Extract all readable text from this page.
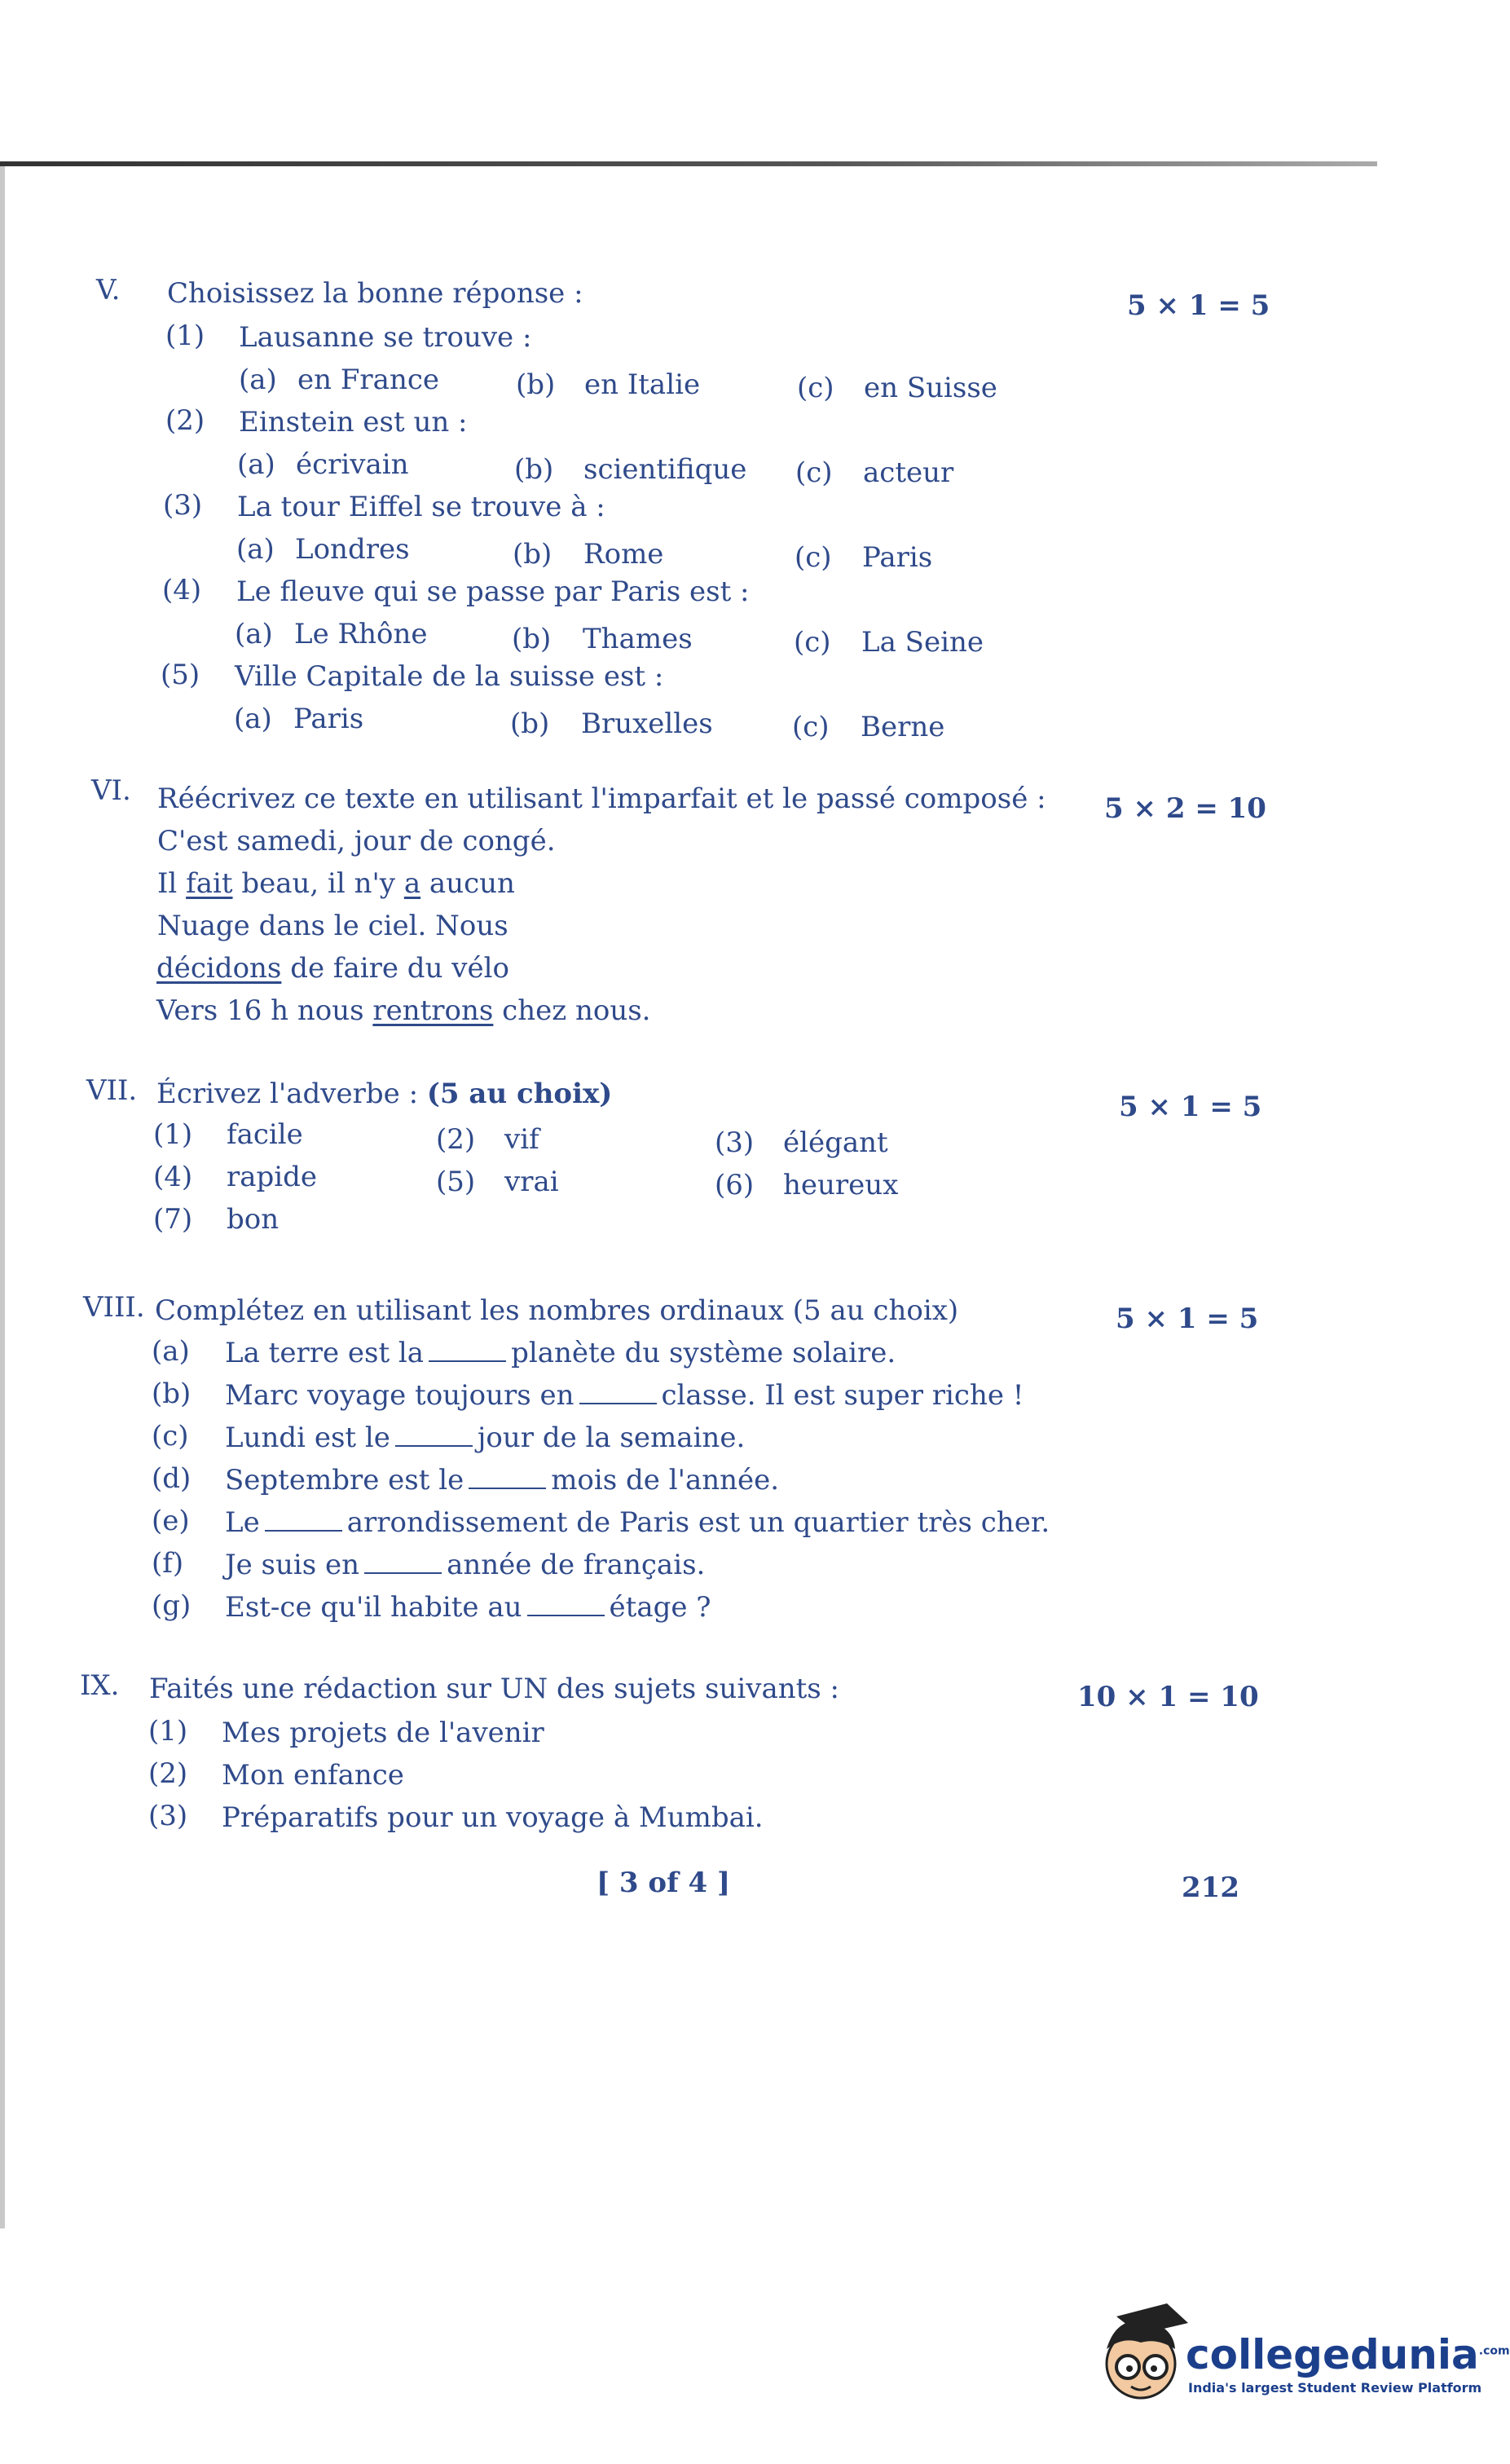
V. Choisissez la bonne réponse :	5 × 1 = 5
(1) Lausanne se trouve :
(a) en France	(b) en Italie	(c) en Suisse
(2) Einstein est un :
(a) écrivain	(b) scientifique (c) acteur
(3) La tour Eiffel se trouve à :
(a) Londres	(b) Rome	(c) Paris
(4) Le fleuve qui se passe par Paris est :
(a) Le Rhône	(b) Thames	(c) La Seine
(5) Ville Capitale de la suisse est :
(a) Paris	(b) Bruxelles	(c) Berne
VI. Réécrivez ce texte en utilisant l'imparfait et le passé composé : 5 × 2 = 10
C'est samedi, jour de congé.
Il fait beau, il n'y a aucun
Nuage dans le ciel. Nous
décidons de faire du vélo
Vers 16 h nous rentrons chez nous.
VII. Écrivez l'adverbe : (5 au choix)	5 × 1 = 5
(1) facile	(2) vif	(3) élégant
(4) rapide	(5) vrai	(6) heureux
(7) bon
VIII. Complétez en utilisant les nombres ordinaux (5 au choix)	5 × 1 = 5
(a) La terre est la	planète du système solaire.
(b) Marc voyage toujours en	classe. Il est super riche !
(c) Lundi est le	jour de la semaine.
(d) Septembre est le	mois de l'année.
(e) Le	arrondissement de Paris est un quartier très cher.
(f) Je suis en	année de français.
(g) Est-ce qu'il habite au	étage ?
IX. Faités une rédaction sur UN des sujets suivants :	10 × 1 = 10
(1) Mes projets de l'avenir
(2) Mon enfance
(3) Préparatifs pour un voyage à Mumbai.
[ 3 of 4 ]	212
collegedunia$^{.com}$
India's largest Student Review Platform
